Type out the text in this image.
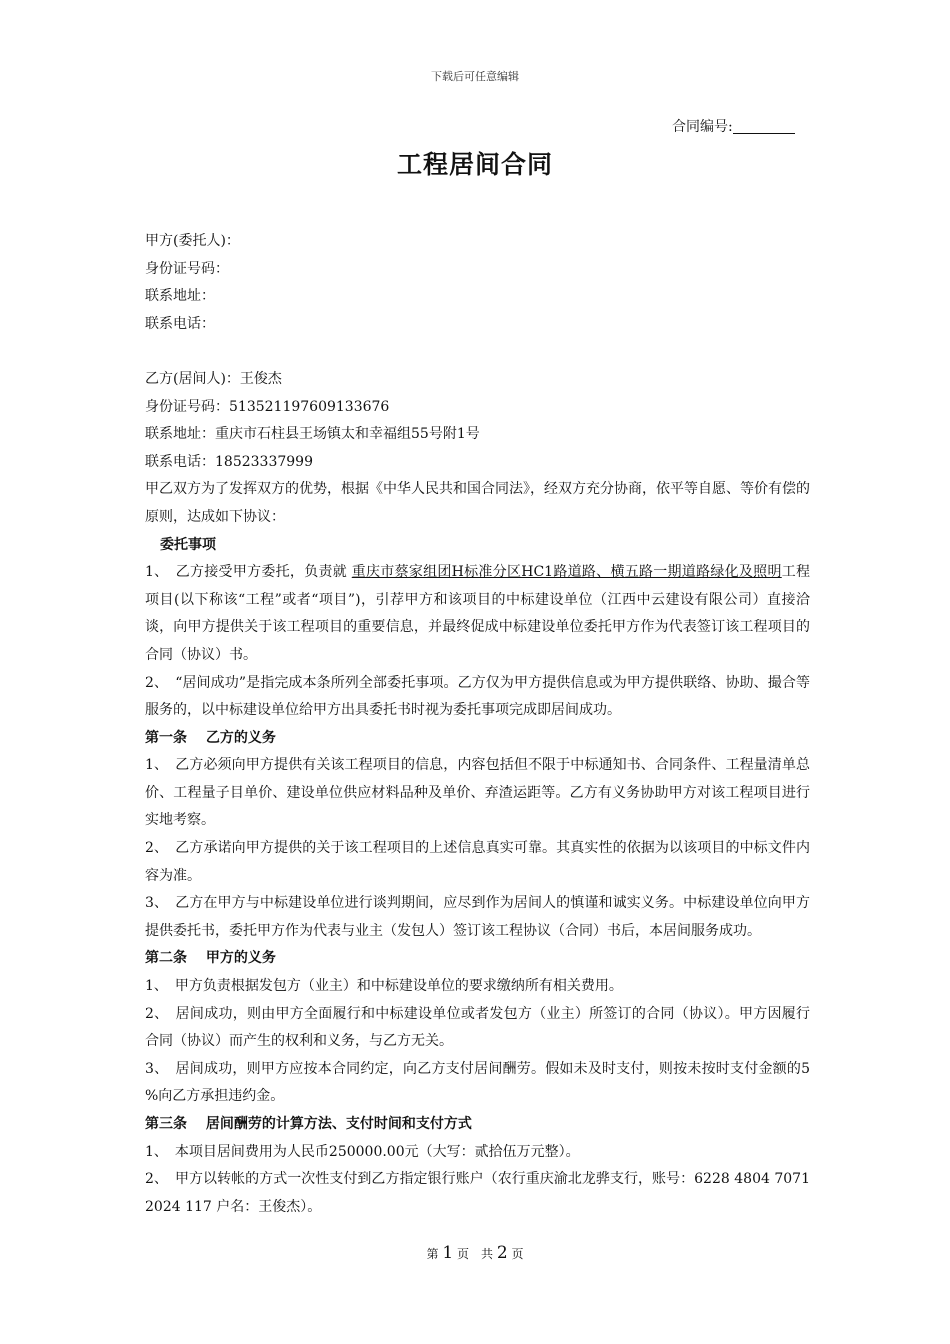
下载后可任意编辑
合同编号:
工程居间合同
甲方(委托人)：
身份证号码：
联系地址：
联系电话：
乙方(居间人)：王俊杰
身份证号码：513521197609133676
联系地址：重庆市石柱县王场镇太和幸福组55号附1号
联系电话：18523337999
甲乙双方为了发挥双方的优势，根据《中华人民共和国合同法》，经双方充分协商，依平等自愿、等价有偿的原则，达成如下协议：
委托事项
1、　乙方接受甲方委托，负责就 重庆市蔡家组团H标准分区HC1路道路、横五路一期道路绿化及照明工程项目(以下称该“工程”或者“项目”)，引荐甲方和该项目的中标建设单位（江西中云建设有限公司）直接洽谈，向甲方提供关于该工程项目的重要信息，并最终促成中标建设单位委托甲方作为代表签订该工程项目的合同（协议）书。
2、　“居间成功”是指完成本条所列全部委托事项。乙方仅为甲方提供信息或为甲方提供联络、协助、撮合等服务的，以中标建设单位给甲方出具委托书时视为委托事项完成即居间成功。
第一条　 乙方的义务
1、　乙方必须向甲方提供有关该工程项目的信息，内容包括但不限于中标通知书、合同条件、工程量清单总价、工程量子目单价、建设单位供应材料品种及单价、弃渣运距等。乙方有义务协助甲方对该工程项目进行实地考察。
2、　乙方承诺向甲方提供的关于该工程项目的上述信息真实可靠。其真实性的依据为以该项目的中标文件内容为准。
3、　乙方在甲方与中标建设单位进行谈判期间，应尽到作为居间人的慎谨和诚实义务。中标建设单位向甲方提供委托书，委托甲方作为代表与业主（发包人）签订该工程协议（合同）书后，本居间服务成功。
第二条　 甲方的义务
1、　甲方负责根据发包方（业主）和中标建设单位的要求缴纳所有相关费用。
2、　居间成功，则由甲方全面履行和中标建设单位或者发包方（业主）所签订的合同（协议）。甲方因履行合同（协议）而产生的权利和义务，与乙方无关。
3、　居间成功，则甲方应按本合同约定，向乙方支付居间酬劳。假如未及时支付，则按未按时支付金额的5 %向乙方承担违约金。
第三条　 居间酬劳的计算方法、支付时间和支付方式
1、　本项目居间费用为人民币250000.00元（大写：贰拾伍万元整）。
2、　甲方以转帐的方式一次性支付到乙方指定银行账户（农行重庆渝北龙骅支行，账号：6228 4804 7071 2024 117 户名：王俊杰）。
第 1 页　共 2 页
